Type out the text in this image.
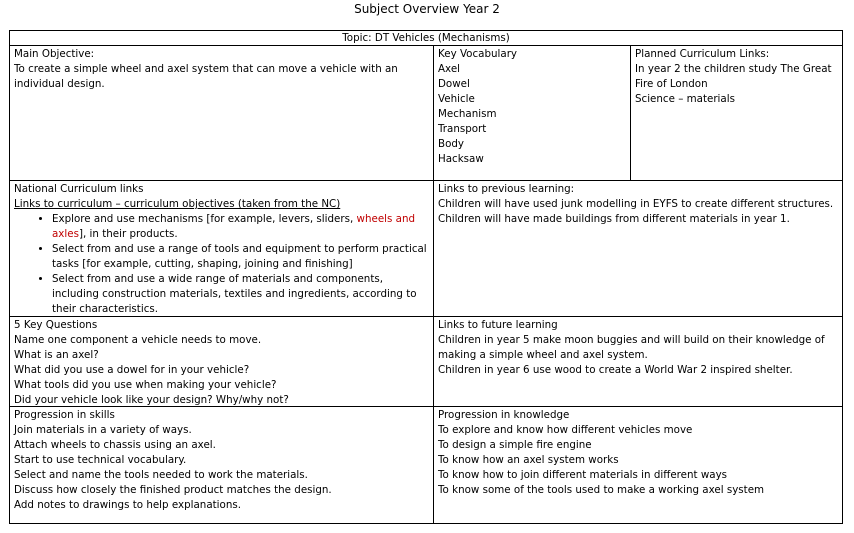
Subject Overview Year 2

Topic: DT Vehicles (Mechanisms)

Main Objective:

To create a simple wheel and axel system that can move a vehicle with an individual design.

Key Vocabulary

Axel

Dowel

Vehicle

Mechanism

Transport

Body

Hacksaw

Planned Curriculum Links:

In year 2 the children study The Great

Fire of London

Science – materials

National Curriculum links

Links to curriculum – curriculum objectives (taken from the NC)

• Explore and use mechanisms [for example, levers, sliders, wheels and axles], in their products.
• Select from and use a range of tools and equipment to perform practical tasks [for example, cutting, shaping, joining and finishing]
• Select from and use a wide range of materials and components, including construction materials, textiles and ingredients, according to their characteristics.

Links to previous learning:

Children will have used junk modelling in EYFS to create different structures.

Children will have made buildings from different materials in year 1.

5 Key Questions

Name one component a vehicle needs to move.

What is an axel?

What did you use a dowel for in your vehicle?

What tools did you use when making your vehicle?

Did your vehicle look like your design? Why/why not?

Links to future learning

Children in year 5 make moon buggies and will build on their knowledge of

making a simple wheel and axel system.

Children in year 6 use wood to create a World War 2 inspired shelter.

Progression in skills

Join materials in a variety of ways.

Attach wheels to chassis using an axel.

Start to use technical vocabulary.

Select and name the tools needed to work the materials.

Discuss how closely the finished product matches the design.

Add notes to drawings to help explanations.

Progression in knowledge

To explore and know how different vehicles move

To design a simple fire engine

To know how an axel system works

To know how to join different materials in different ways

To know some of the tools used to make a working axel system
